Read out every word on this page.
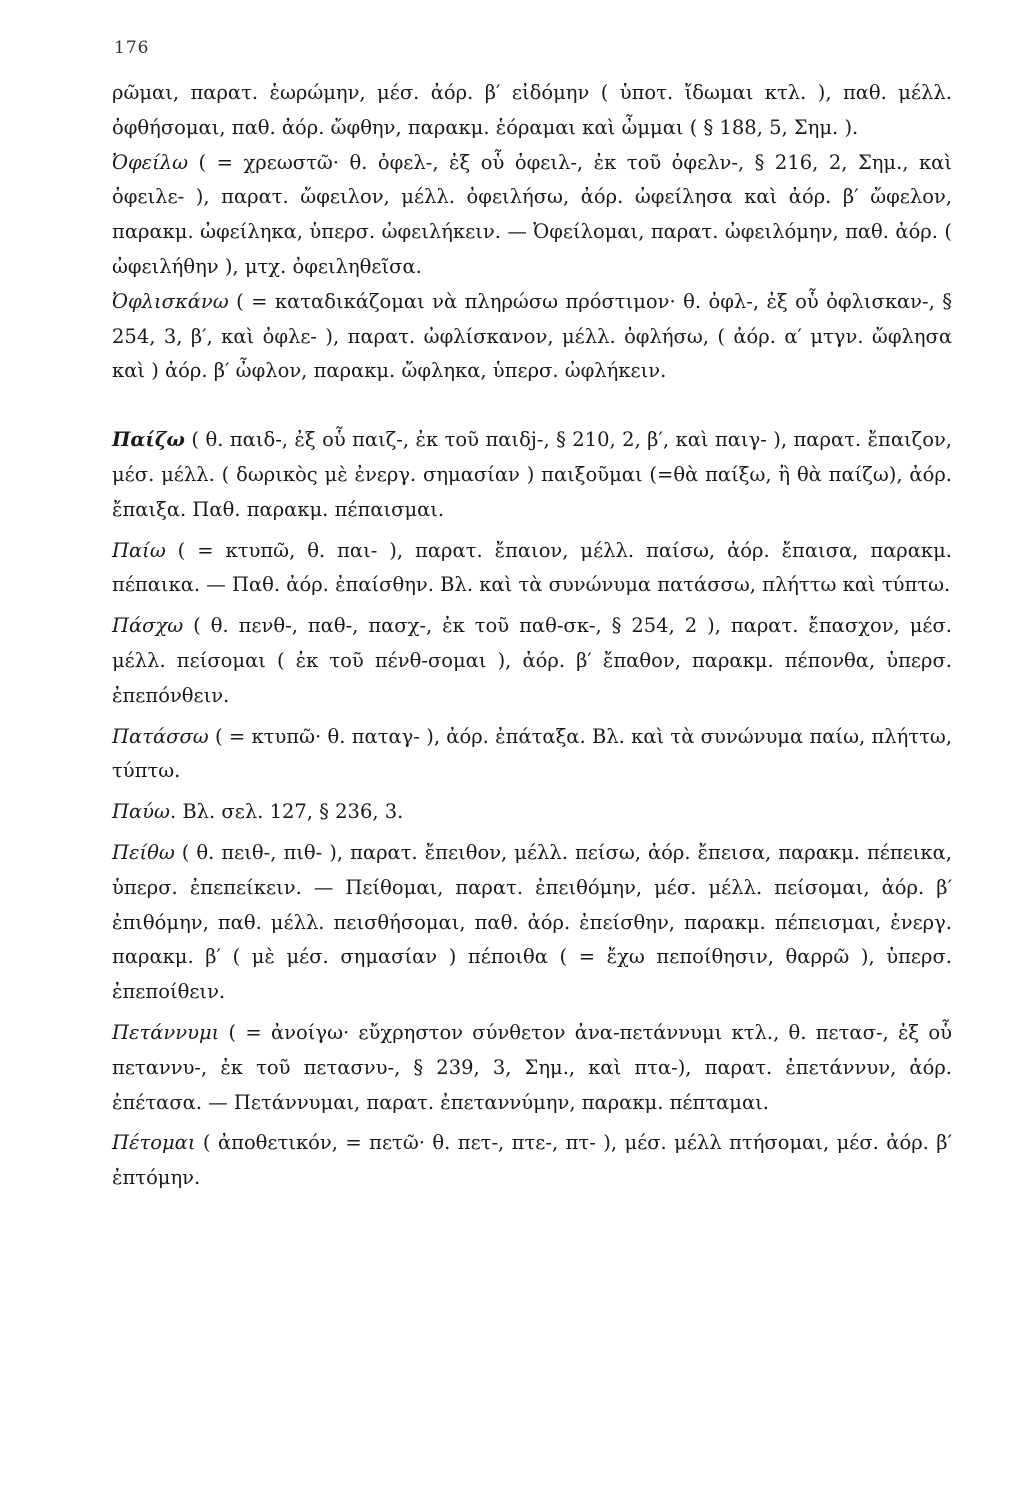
176

ρῶμαι, παρατ. ἑωρώμην, μέσ. ἀόρ. β′ εἰδόμην ( ὑποτ. ἴδωμαι κτλ. ), παθ. μέλλ. ὀφθήσομαι, παθ. ἀόρ. ὤφθην, παρακμ. ἑόραμαι καὶ ὦμμαι ( § 188, 5, Σημ. ).

Ὀφείλω ( = χρεωστῶ· θ. ὀφελ-, ἐξ οὗ ὀφειλ-, ἐκ τοῦ ὀφελν-, § 216, 2, Σημ., καὶ ὀφειλε- ), παρατ. ὤφειλον, μέλλ. ὀφειλήσω, ἀόρ. ὠφείλησα καὶ ἀόρ. β′ ὤφελον, παρακμ. ὠφείληκα, ὑπερσ. ὠφειλήκειν. — Ὀφείλομαι, παρατ. ὠφειλόμην, παθ. ἀόρ. ( ὠφειλήθην ), μτχ. ὀφειληθεῖσα.

Ὀφλισκάνω ( = καταδικάζομαι νὰ πληρώσω πρόστιμον· θ. ὀφλ-, ἐξ οὗ ὀφλισκαν-, § 254, 3, β′, καὶ ὀφλε- ), παρατ. ὠφλίσκανον, μέλλ. ὀφλήσω, ( ἀόρ. α′ μτγν. ὤφλησα καὶ ) ἀόρ. β′ ὦφλον, παρακμ. ὤφληκα, ὑπερσ. ὠφλήκειν.

Παίζω ( θ. παιδ-, ἐξ οὗ παιζ-, ἐκ τοῦ παιδj-, § 210, 2, β′, καὶ παιγ- ), παρατ. ἔπαιζον, μέσ. μέλλ. ( δωρικὸς μὲ ἐνεργ. σημασίαν ) παιξοῦμαι (=θὰ παίξω, ἢ θὰ παίζω), ἀόρ. ἔπαιξα. Παθ. παρακμ. πέπαισμαι.

Παίω ( = κτυπῶ, θ. παι- ), παρατ. ἔπαιον, μέλλ. παίσω, ἀόρ. ἔπαισα, παρακμ. πέπαικα. — Παθ. ἀόρ. ἐπαίσθην. Βλ. καὶ τὰ συνώνυμα πατάσσω, πλήττω καὶ τύπτω.

Πάσχω ( θ. πενθ-, παθ-, πασχ-, ἐκ τοῦ παθ-σκ-, § 254, 2 ), παρατ. ἔπασχον, μέσ. μέλλ. πείσομαι ( ἐκ τοῦ πένθ-σομαι ), ἀόρ. β′ ἔπαθον, παρακμ. πέπονθα, ὑπερσ. ἐπεπόνθειν.

Πατάσσω ( = κτυπῶ· θ. παταγ- ), ἀόρ. ἐπάταξα. Βλ. καὶ τὰ συνώνυμα παίω, πλήττω, τύπτω.

Παύω. Βλ. σελ. 127, § 236, 3.

Πείθω ( θ. πειθ-, πιθ- ), παρατ. ἔπειθον, μέλλ. πείσω, ἀόρ. ἔπεισα, παρακμ. πέπεικα, ὑπερσ. ἐπεπείκειν. — Πείθομαι, παρατ. ἐπειθόμην, μέσ. μέλλ. πείσομαι, ἀόρ. β′ ἐπιθόμην, παθ. μέλλ. πεισθήσομαι, παθ. ἀόρ. ἐπείσθην, παρακμ. πέπεισμαι, ἐνεργ. παρακμ. β′ ( μὲ μέσ. σημασίαν ) πέποιθα ( = ἔχω πεποίθησιν, θαρρῶ ), ὑπερσ. ἐπεποίθειν.

Πετάννυμι ( = ἀνοίγω· εὔχρηστον σύνθετον ἀνα-πετάννυμι κτλ., θ. πετασ-, ἐξ οὗ πεταννυ-, ἐκ τοῦ πετασνυ-, § 239, 3, Σημ., καὶ πτα-), παρατ. ἐπετάννυν, ἀόρ. ἐπέτασα. — Πετάννυμαι, παρατ. ἐπεταννύμην, παρακμ. πέπταμαι.

Πέτομαι ( ἀποθετικόν, = πετῶ· θ. πετ-, πτε-, πτ- ), μέσ. μέλλ πτήσομαι, μέσ. ἀόρ. β′ ἐπτόμην.
